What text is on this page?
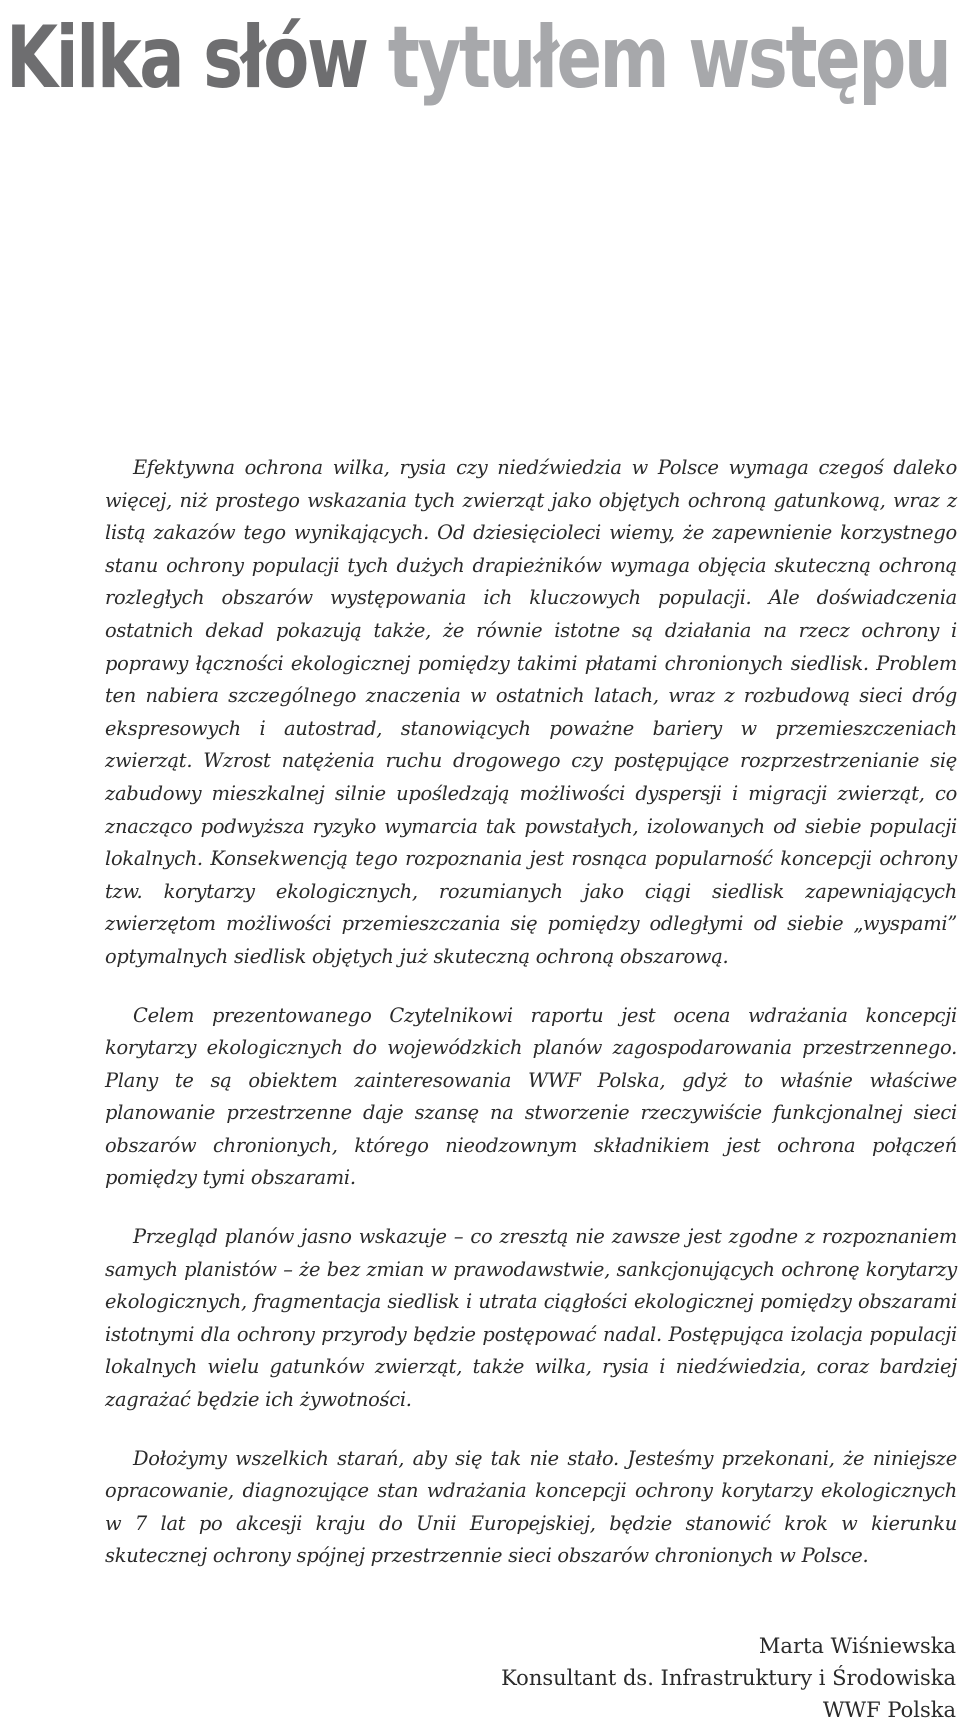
Kilka słów tytułem wstępu

Efektywna ochrona wilka, rysia czy niedźwiedzia w Polsce wymaga czegoś daleko więcej, niż prostego wskazania tych zwierząt jako objętych ochroną gatunkową, wraz z listą zakazów tego wynikających. Od dziesięcioleci wiemy, że zapewnienie korzystnego stanu ochrony populacji tych dużych drapieżników wymaga objęcia skuteczną ochroną rozległych obszarów występowania ich kluczowych populacji. Ale doświadczenia ostatnich dekad pokazują także, że równie istotne są działania na rzecz ochrony i poprawy łączności ekologicznej pomiędzy takimi płatami chronionych siedlisk. Problem ten nabiera szczególnego znaczenia w ostatnich latach, wraz z rozbudową sieci dróg ekspresowych i autostrad, stanowiących poważne bariery w przemieszczeniach zwierząt. Wzrost natężenia ruchu drogowego czy postępujące rozprzestrzenianie się zabudowy mieszkalnej silnie upośledzają możliwości dyspersji i migracji zwierząt, co znacząco podwyższa ryzyko wymarcia tak powstałych, izolowanych od siebie populacji lokalnych. Konsekwencją tego rozpoznania jest rosnąca popularność koncepcji ochrony tzw. korytarzy ekologicznych, rozumianych jako ciągi siedlisk zapewniających zwierzętom możliwości przemieszczania się pomiędzy odległymi od siebie „wyspami” optymalnych siedlisk objętych już skuteczną ochroną obszarową.

Celem prezentowanego Czytelnikowi raportu jest ocena wdrażania koncepcji korytarzy ekologicznych do wojewódzkich planów zagospodarowania przestrzennego. Plany te są obiektem zainteresowania WWF Polska, gdyż to właśnie właściwe planowanie przestrzenne daje szansę na stworzenie rzeczywiście funkcjonalnej sieci obszarów chronionych, którego nieodzownym składnikiem jest ochrona połączeń pomiędzy tymi obszarami.

Przegląd planów jasno wskazuje – co zresztą nie zawsze jest zgodne z rozpoznaniem samych planistów – że bez zmian w prawodawstwie, sankcjonujących ochronę korytarzy ekologicznych, fragmentacja siedlisk i utrata ciągłości ekologicznej pomiędzy obszarami istotnymi dla ochrony przyrody będzie postępować nadal. Postępująca izolacja populacji lokalnych wielu gatunków zwierząt, także wilka, rysia i niedźwiedzia, coraz bardziej zagrażać będzie ich żywotności.

Dołożymy wszelkich starań, aby się tak nie stało. Jesteśmy przekonani, że niniejsze opracowanie, diagnozujące stan wdrażania koncepcji ochrony korytarzy ekologicznych w 7 lat po akcesji kraju do Unii Europejskiej, będzie stanowić krok w kierunku skutecznej ochrony spójnej przestrzennie sieci obszarów chronionych w Polsce.

Marta Wiśniewska
Konsultant ds. Infrastruktury i Środowiska
WWF Polska
